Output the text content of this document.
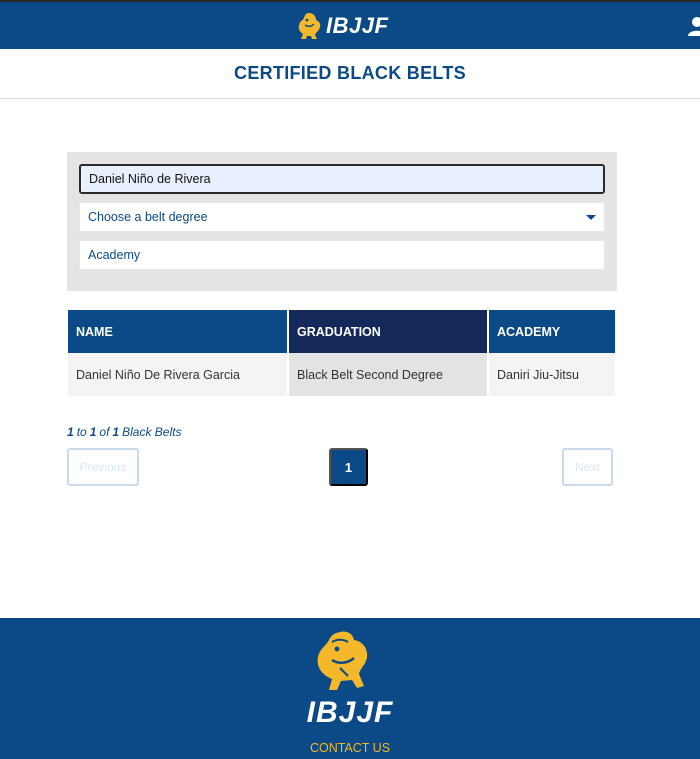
IBJJF
CERTIFIED BLACK BELTS
Daniel Niño de Rivera
Choose a belt degree
Academy
NAME	GRADUATION	ACADEMY
Daniel Niño De Rivera Garcia	Black Belt Second Degree	Daniri Jiu-Jitsu
1 to 1 of 1 Black Belts
Previous	1	Next
IBJJF
CONTACT US
